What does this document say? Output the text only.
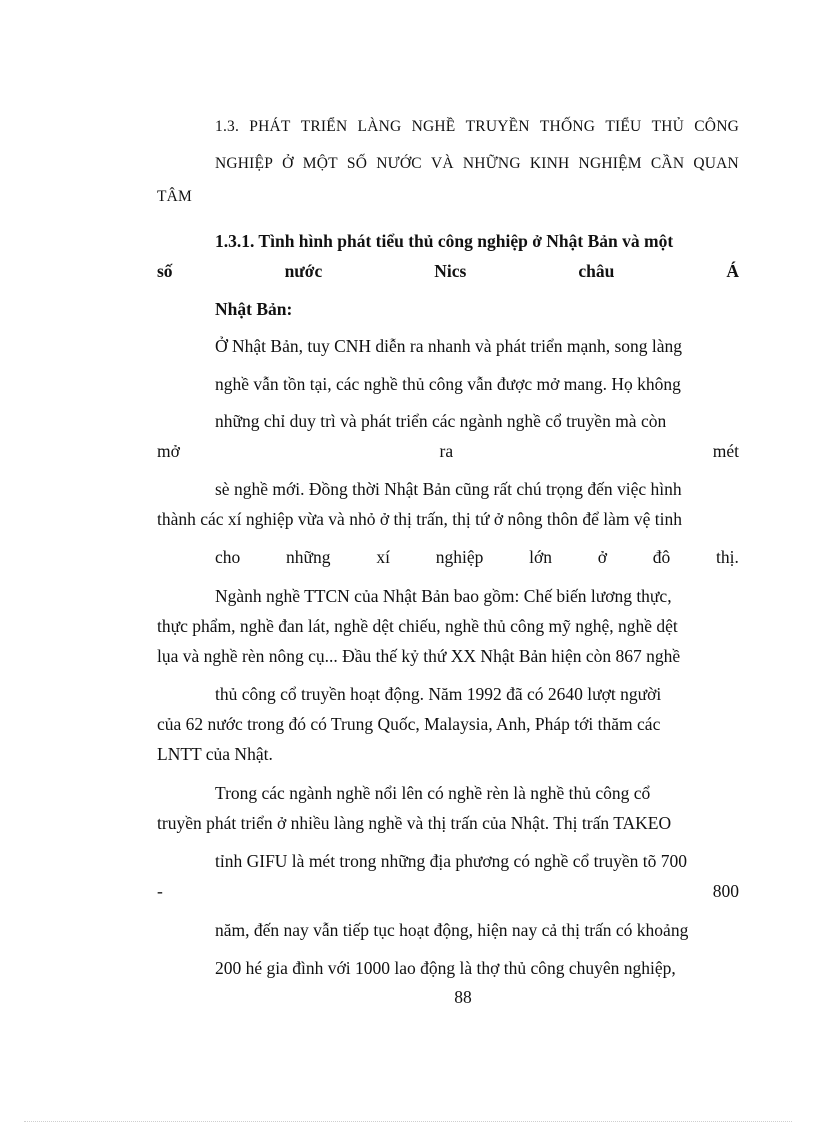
1.3. PHÁT TRIỂN LÀNG NGHỀ TRUYỀN THỐNG TIỂU THỦ CÔNG
NGHIỆP Ở MỘT SỐ NƯỚC VÀ NHỮNG KINH NGHIỆM CẦN QUAN
TÂM
1.3.1. Tình hình phát tiểu thủ công nghiệp ở Nhật Bản và một
số	nước	Nics	châu	Á
Nhật Bản:
Ở Nhật Bản, tuy CNH diễn ra nhanh và phát triển mạnh, song làng
nghề vẫn tồn tại, các nghề thủ công vẫn được mở mang. Họ không
những chỉ duy trì và phát triển các ngành nghề cổ truyền mà còn
mở	ra	mét
sè nghề mới. Đồng thời Nhật Bản cũng rất chú trọng đến việc hình
thành các xí nghiệp vừa và nhỏ ở thị trấn, thị tứ ở nông thôn để làm vệ tinh
cho	những	xí	nghiệp	lớn	ở	đô	thị.
Ngành nghề TTCN của Nhật Bản bao gồm: Chế biến lương thực,
thực phẩm, nghề đan lát, nghề dệt chiếu, nghề thủ công mỹ nghệ, nghề dệt
lụa và nghề rèn nông cụ... Đầu thế kỷ thứ XX Nhật Bản hiện còn 867 nghề
thủ công cổ truyền hoạt động. Năm 1992 đã có 2640 lượt người
của 62 nước trong đó có Trung Quốc, Malaysia, Anh, Pháp tới thăm các
LNTT của Nhật.
Trong các ngành nghề nổi lên có nghề rèn là nghề thủ công cổ
truyền phát triển ở nhiều làng nghề và thị trấn của Nhật. Thị trấn TAKEO
tỉnh GIFU là mét trong những địa phương có nghề cổ truyền tõ 700
-	800
năm, đến nay vẫn tiếp tục hoạt động, hiện nay cả thị trấn có khoảng
200 hé gia đình với 1000 lao động là thợ thủ công chuyên nghiệp,
88
